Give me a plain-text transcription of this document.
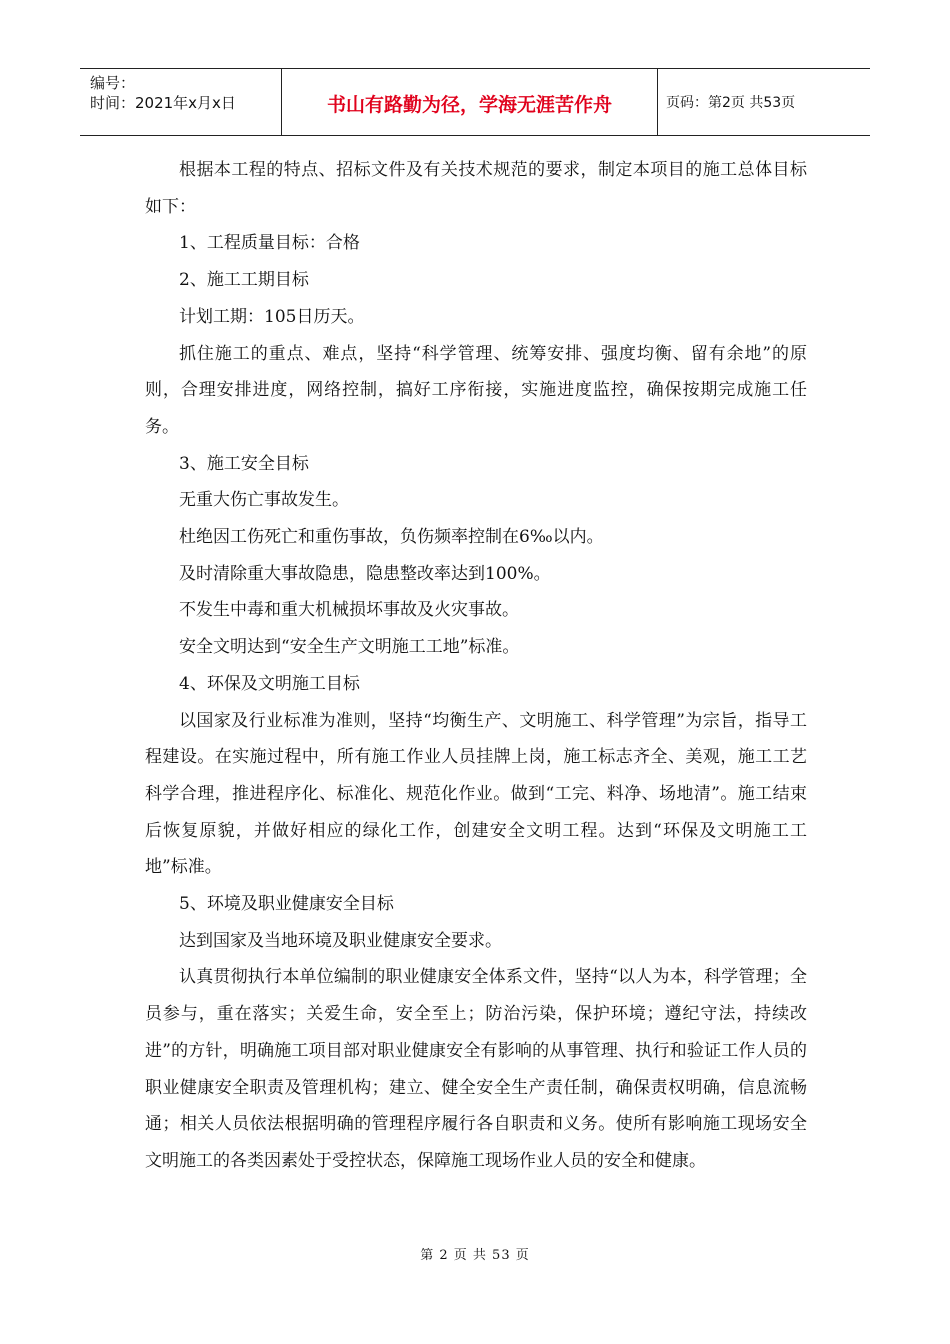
编号：
时间：2021年x月x日	书山有路勤为径，学海无涯苦作舟	页码：第2页 共53页

根据本工程的特点、招标文件及有关技术规范的要求，制定本项目的施工总体目标如下：

1、工程质量目标：合格

2、施工工期目标

计划工期：105日历天。

抓住施工的重点、难点，坚持“科学管理、统筹安排、强度均衡、留有余地”的原则，合理安排进度，网络控制，搞好工序衔接，实施进度监控，确保按期完成施工任务。

3、施工安全目标

无重大伤亡事故发生。

杜绝因工伤死亡和重伤事故，负伤频率控制在6‰以内。

及时清除重大事故隐患，隐患整改率达到100%。

不发生中毒和重大机械损坏事故及火灾事故。

安全文明达到“安全生产文明施工工地”标准。

4、环保及文明施工目标

以国家及行业标准为准则，坚持“均衡生产、文明施工、科学管理”为宗旨，指导工程建设。在实施过程中，所有施工作业人员挂牌上岗，施工标志齐全、美观，施工工艺科学合理，推进程序化、标准化、规范化作业。做到“工完、料净、场地清”。施工结束后恢复原貌，并做好相应的绿化工作，创建安全文明工程。达到“环保及文明施工工地”标准。

5、环境及职业健康安全目标

达到国家及当地环境及职业健康安全要求。

认真贯彻执行本单位编制的职业健康安全体系文件，坚持“以人为本，科学管理；全员参与，重在落实；关爱生命，安全至上；防治污染，保护环境；遵纪守法，持续改进”的方针，明确施工项目部对职业健康安全有影响的从事管理、执行和验证工作人员的职业健康安全职责及管理机构；建立、健全安全生产责任制，确保责权明确，信息流畅通；相关人员依法根据明确的管理程序履行各自职责和义务。使所有影响施工现场安全文明施工的各类因素处于受控状态，保障施工现场作业人员的安全和健康。

第 2 页 共 53 页
